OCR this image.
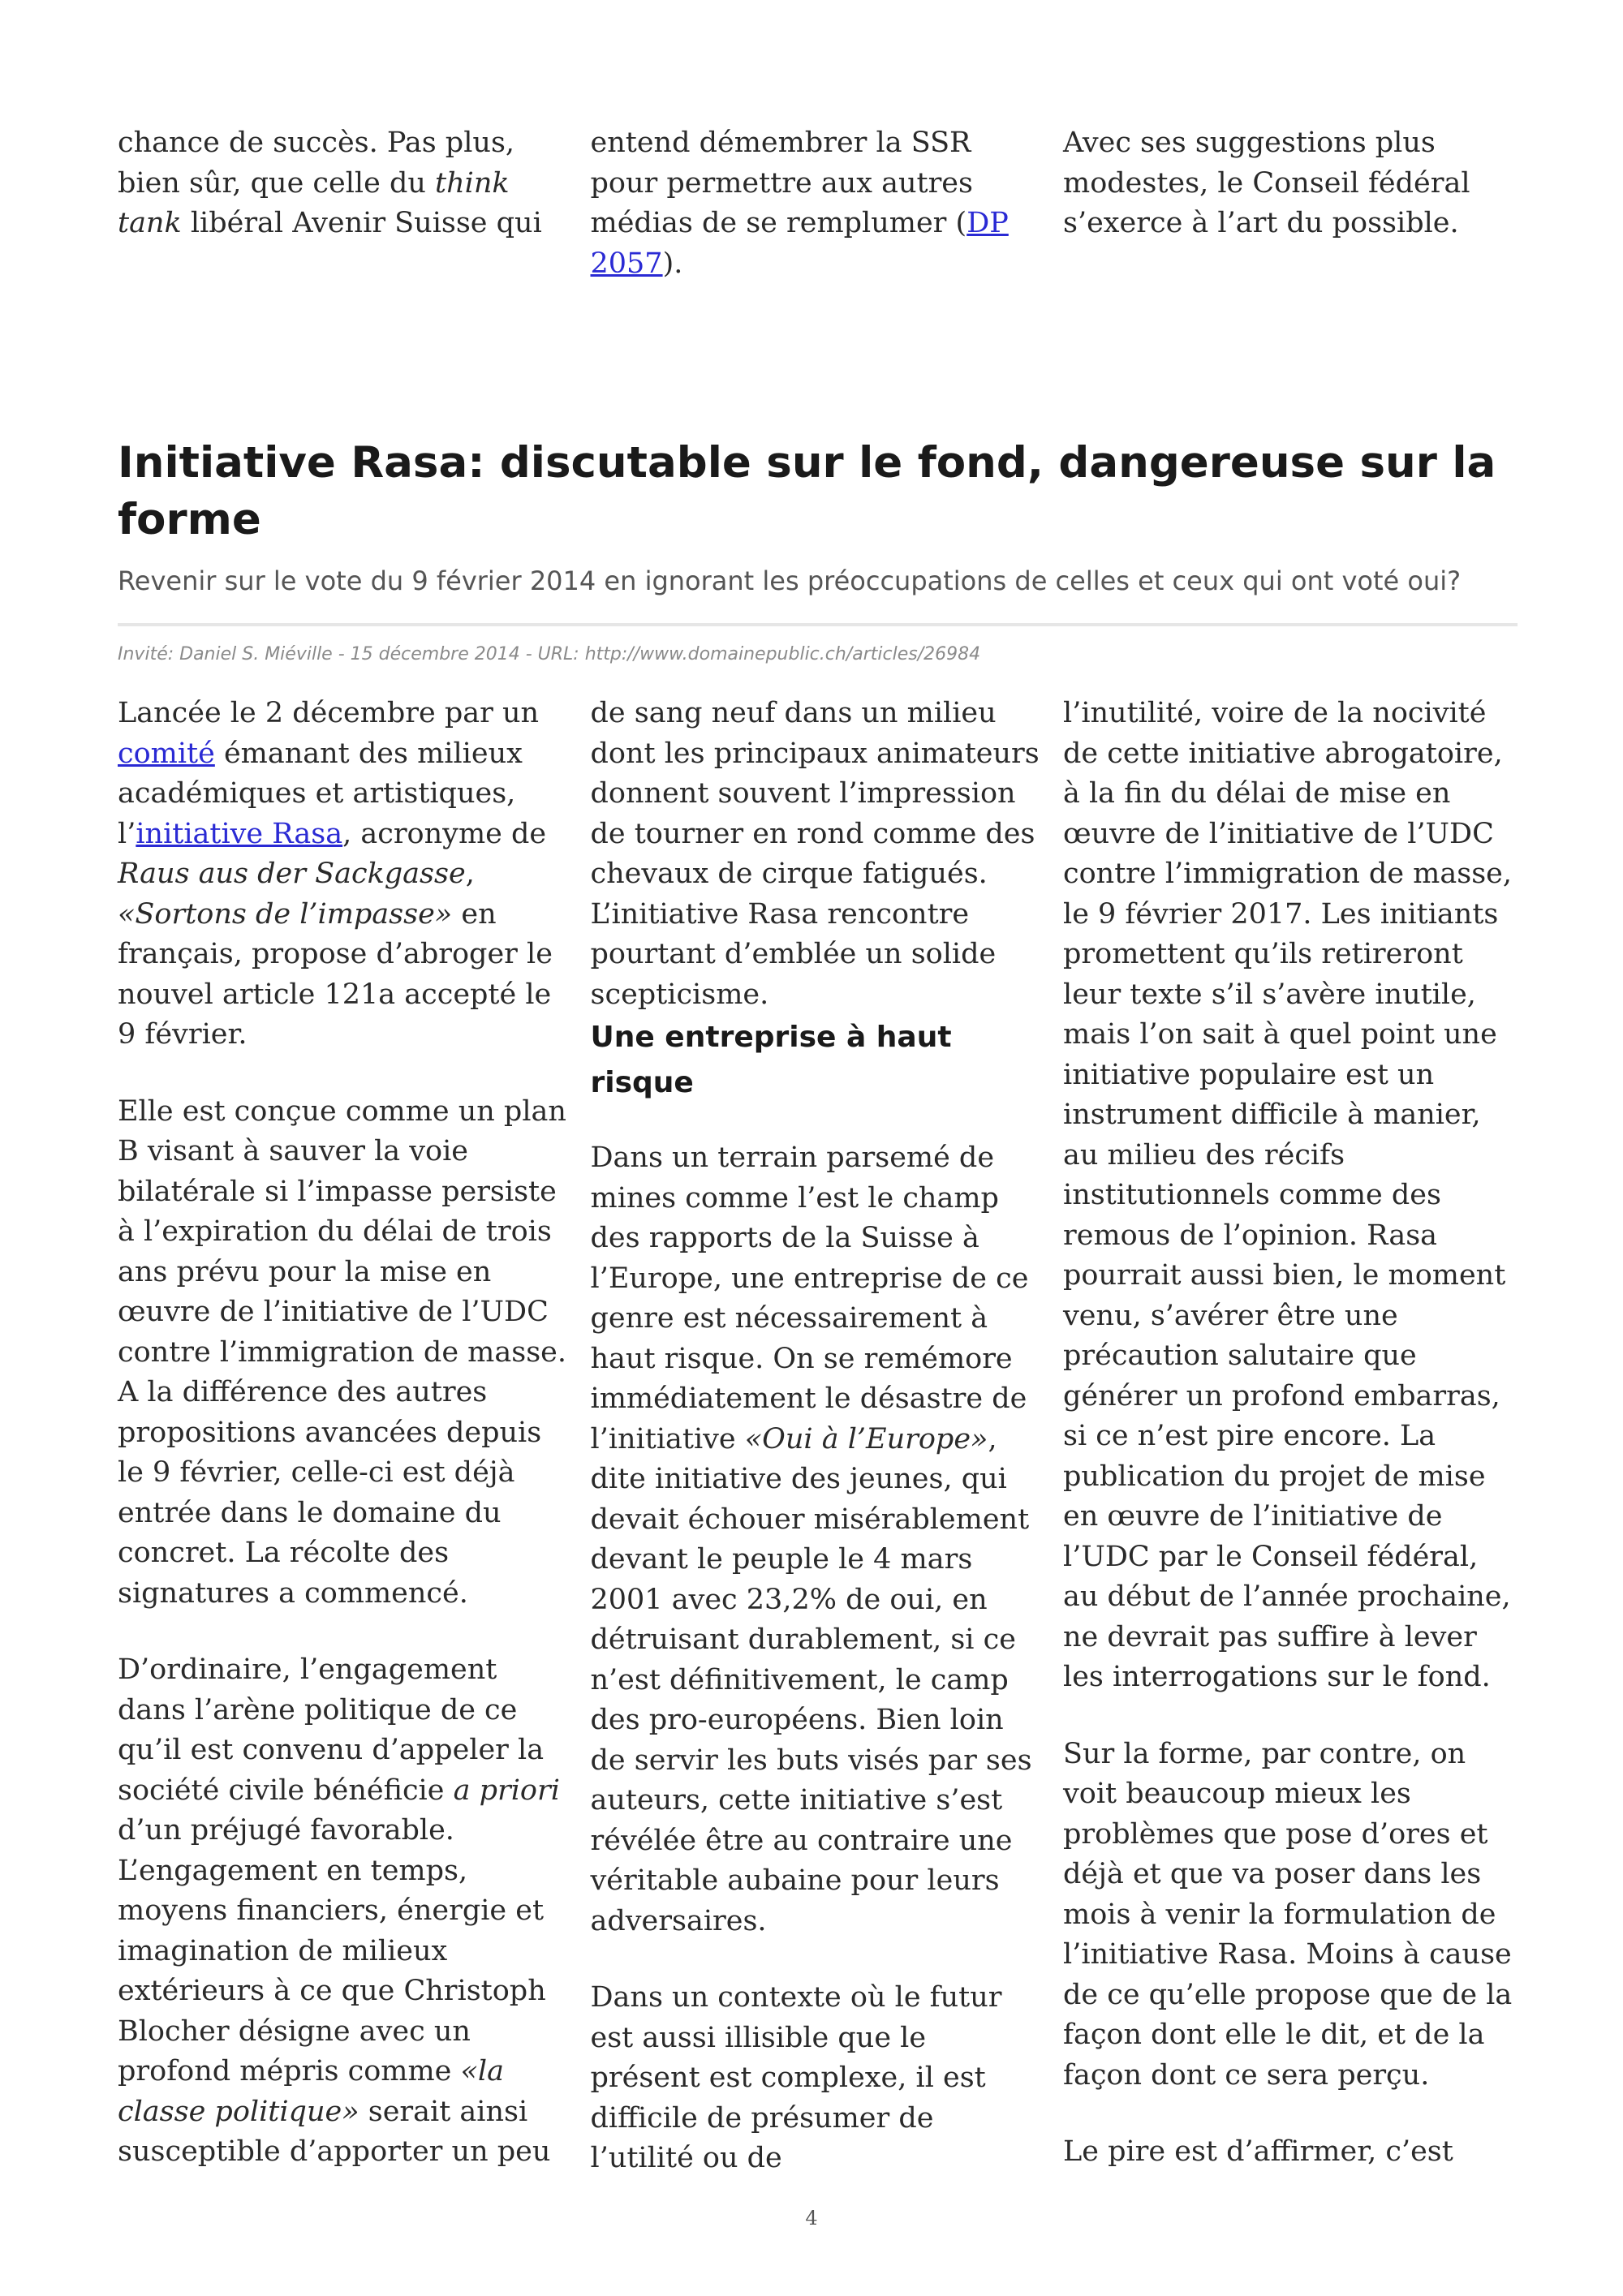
chance de succès. Pas plus, bien sûr, que celle du think tank libéral Avenir Suisse qui

entend démembrer la SSR pour permettre aux autres médias de se remplumer (DP 2057).

Avec ses suggestions plus modestes, le Conseil fédéral s’exerce à l’art du possible.

Initiative Rasa: discutable sur le fond, dangereuse sur la forme
Revenir sur le vote du 9 février 2014 en ignorant les préoccupations de celles et ceux qui ont voté oui?
Invité: Daniel S. Miéville - 15 décembre 2014 - URL: http://www.domainepublic.ch/articles/26984

Lancée le 2 décembre par un comité émanant des milieux académiques et artistiques, l’initiative Rasa, acronyme de Raus aus der Sackgasse, «Sortons de l’impasse» en français, propose d’abroger le nouvel article 121a accepté le 9 février.

Elle est conçue comme un plan B visant à sauver la voie bilatérale si l’impasse persiste à l’expiration du délai de trois ans prévu pour la mise en œuvre de l’initiative de l’UDC contre l’immigration de masse. A la différence des autres propositions avancées depuis le 9 février, celle-ci est déjà entrée dans le domaine du concret. La récolte des signatures a commencé.

D’ordinaire, l’engagement dans l’arène politique de ce qu’il est convenu d’appeler la société civile bénéficie a priori d’un préjugé favorable. L’engagement en temps, moyens financiers, énergie et imagination de milieux extérieurs à ce que Christoph Blocher désigne avec un profond mépris comme «la classe politique» serait ainsi susceptible d’apporter un peu

de sang neuf dans un milieu dont les principaux animateurs donnent souvent l’impression de tourner en rond comme des chevaux de cirque fatigués. L’initiative Rasa rencontre pourtant d’emblée un solide scepticisme.

Une entreprise à haut risque

Dans un terrain parsemé de mines comme l’est le champ des rapports de la Suisse à l’Europe, une entreprise de ce genre est nécessairement à haut risque. On se remémore immédiatement le désastre de l’initiative «Oui à l’Europe», dite initiative des jeunes, qui devait échouer misérablement devant le peuple le 4 mars 2001 avec 23,2% de oui, en détruisant durablement, si ce n’est définitivement, le camp des pro-européens. Bien loin de servir les buts visés par ses auteurs, cette initiative s’est révélée être au contraire une véritable aubaine pour leurs adversaires.

Dans un contexte où le futur est aussi illisible que le présent est complexe, il est difficile de présumer de l’utilité ou de

l’inutilité, voire de la nocivité de cette initiative abrogatoire, à la fin du délai de mise en œuvre de l’initiative de l’UDC contre l’immigration de masse, le 9 février 2017. Les initiants promettent qu’ils retireront leur texte s’il s’avère inutile, mais l’on sait à quel point une initiative populaire est un instrument difficile à manier, au milieu des récifs institutionnels comme des remous de l’opinion. Rasa pourrait aussi bien, le moment venu, s’avérer être une précaution salutaire que générer un profond embarras, si ce n’est pire encore. La publication du projet de mise en œuvre de l’initiative de l’UDC par le Conseil fédéral, au début de l’année prochaine, ne devrait pas suffire à lever les interrogations sur le fond.

Sur la forme, par contre, on voit beaucoup mieux les problèmes que pose d’ores et déjà et que va poser dans les mois à venir la formulation de l’initiative Rasa. Moins à cause de ce qu’elle propose que de la façon dont elle le dit, et de la façon dont ce sera perçu.

Le pire est d’affirmer, c’est

4
